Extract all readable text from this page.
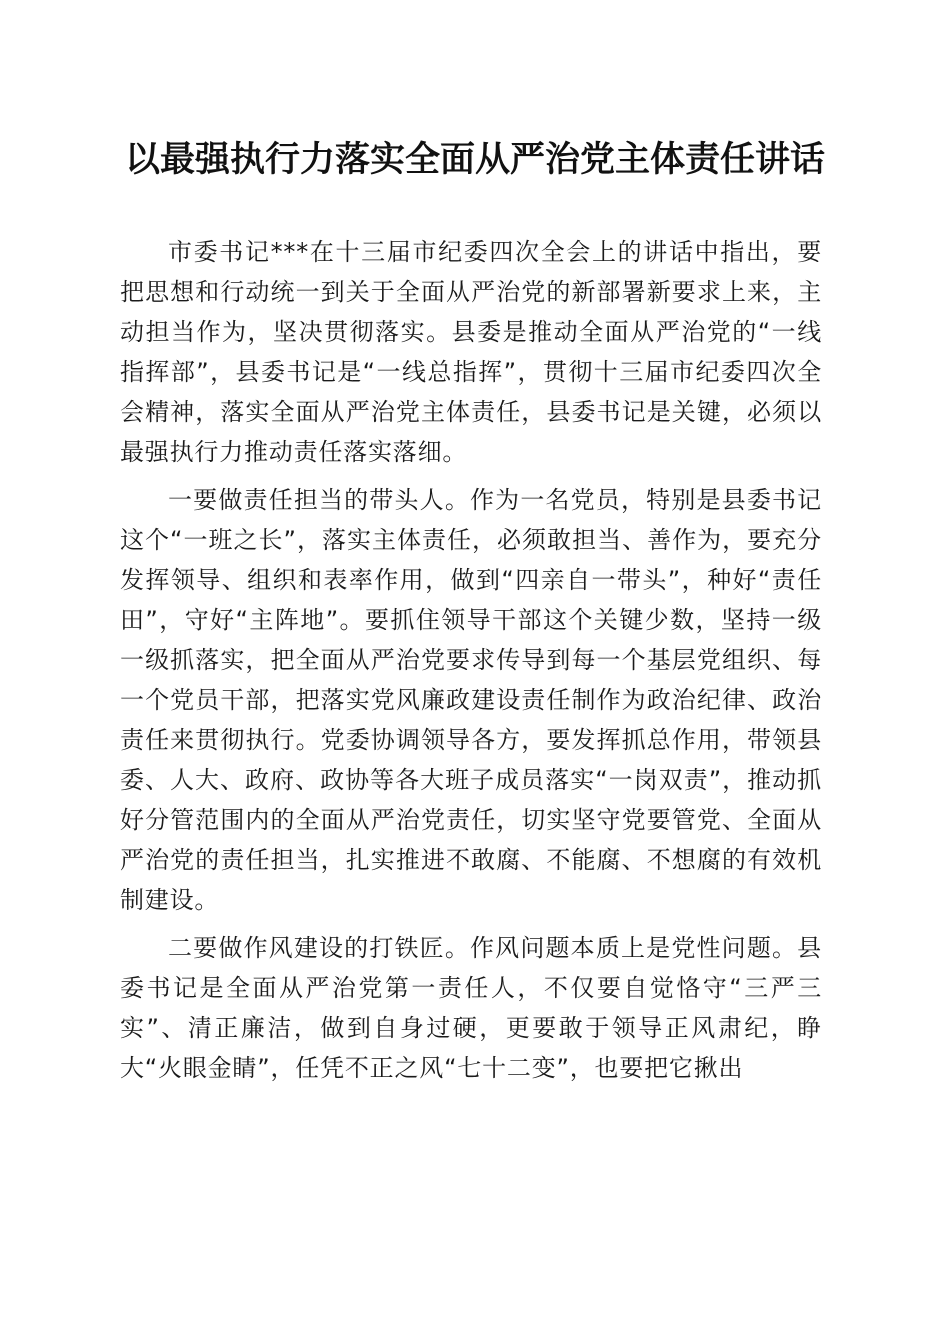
以最强执行力落实全面从严治党主体责任讲话

市委书记***在十三届市纪委四次全会上的讲话中指出，要把思想和行动统一到关于全面从严治党的新部署新要求上来，主动担当作为，坚决贯彻落实。县委是推动全面从严治党的“一线指挥部”，县委书记是“一线总指挥”，贯彻十三届市纪委四次全会精神，落实全面从严治党主体责任，县委书记是关键，必须以最强执行力推动责任落实落细。

一要做责任担当的带头人。作为一名党员，特别是县委书记这个“一班之长”，落实主体责任，必须敢担当、善作为，要充分发挥领导、组织和表率作用，做到“四亲自一带头”，种好“责任田”，守好“主阵地”。要抓住领导干部这个关键少数，坚持一级一级抓落实，把全面从严治党要求传导到每一个基层党组织、每一个党员干部，把落实党风廉政建设责任制作为政治纪律、政治责任来贯彻执行。党委协调领导各方，要发挥抓总作用，带领县委、人大、政府、政协等各大班子成员落实“一岗双责”，推动抓好分管范围内的全面从严治党责任，切实坚守党要管党、全面从严治党的责任担当，扎实推进不敢腐、不能腐、不想腐的有效机制建设。

二要做作风建设的打铁匠。作风问题本质上是党性问题。县委书记是全面从严治党第一责任人，不仅要自觉恪守“三严三实”、清正廉洁，做到自身过硬，更要敢于领导正风肃纪，睁大“火眼金睛”，任凭不正之风“七十二变”，也要把它揪出
